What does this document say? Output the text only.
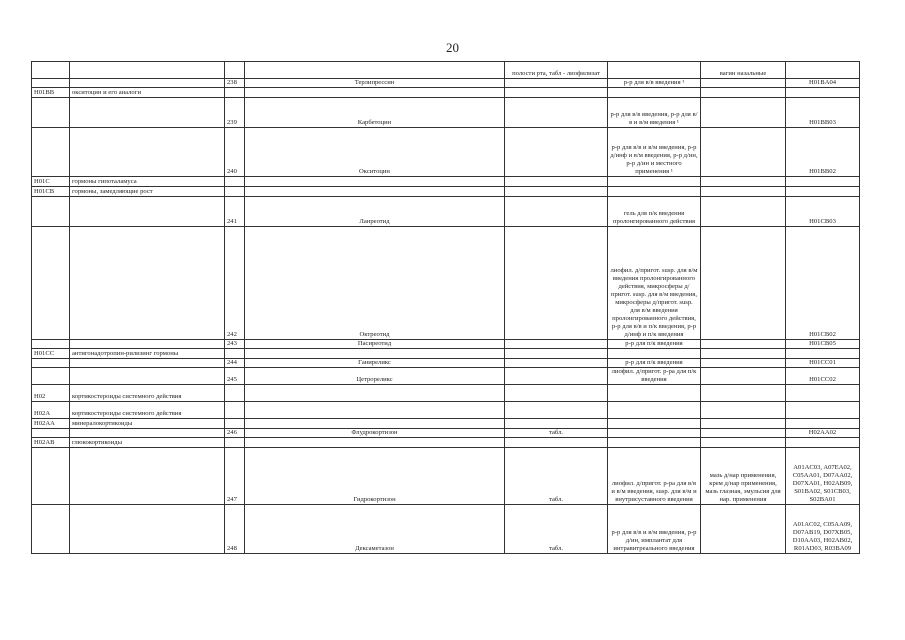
20
				полости рта, табл - лиофилизат		вагин назальные	
		238	Терлипрессин		р-р для в/в введения ¹		H01BA04
H01BB	окситоцин и его аналоги						
		239	Карбетоцин		р-р для в/в введения, р-р для в/в и в/м введения ¹		H01BB03
		240	Окситоцин		р-р для в/в и в/м введения, р-р д/инф и в/м введения, р-р д/ин, р-р д/ин и местного применения ¹		H01BB02
H01C	гормоны гипоталамуса						
H01CB	гормоны, замедляющие рост						
		241	Ланреотид		гель для п/к введения пролонгированного действия		H01CB03
		242	Октреотид		лиофил. д/пригот. susp. для в/м введения пролонгированного действия, микросферы д/пригот. susp. для в/м введения, микросферы д/пригот. susp. для в/м введения пролонгированного действия, р-р для в/в и п/к введения, р-р д/инф и п/к введения		H01CB02
		243	Пасиреотид		р-р для п/к введения		H01CB05
H01CC	антигонадотропин-рилизинг гормоны						
		244	Ганиреликс		р-р для п/к введения		H01CC01
		245	Цетрореликс		лиофил. д/пригот. р-ра для п/к введения		H01CC02
H02	кортикостероиды системного действия						
H02A	кортикостероиды системного действия						
H02AA	минералокортикоиды						
		246	Флудрокортизон	табл.			H02AA02
H02AB	глюкокортикоиды						
		247	Гидрокортизон	табл.	лиофил. д/пригот. р-ра для в/в и в/м введения, susp. для в/м и внутрисуставного введения	мазь д/нар применения, крем д/нар применения, мазь глазная, эмульсия для нар. применения	A01AC03, A07EA02, C05AA01, D07AA02, D07XA01, H02AB09, S01BA02, S01CB03, S02BA01
		248	Дексаметазон	табл.	р-р для в/в и в/м введения, р-р д/ин, имплантат для интравитреального введения		A01AC02, C05AA09, D07AB19, D07XB05, D10AA03, H02AB02, R01AD03, R03BA09
